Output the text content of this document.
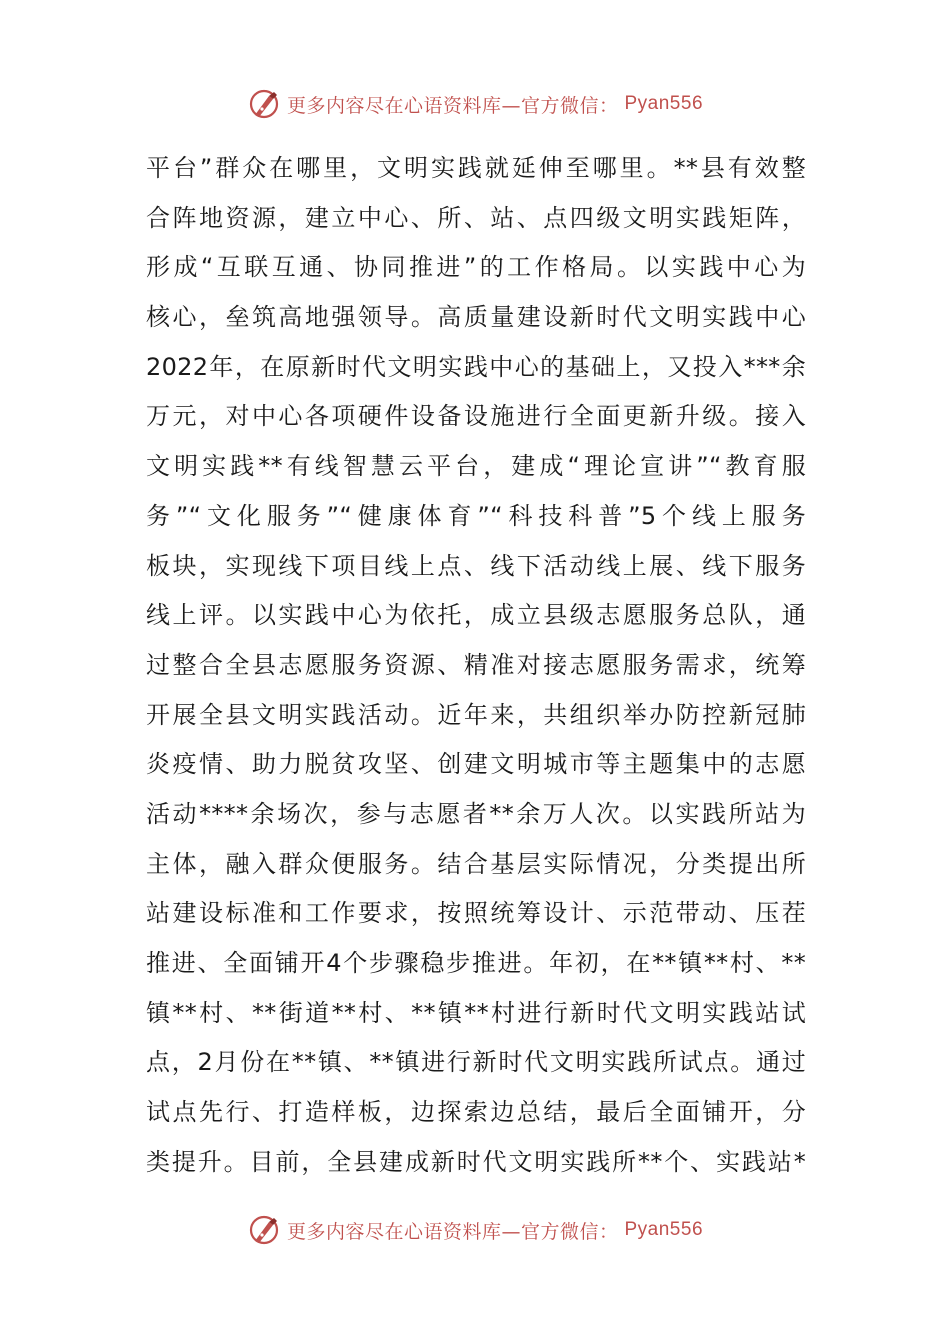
更多内容尽在心语资料库—官方微信： Pyan556
平台”群众在哪里，文明实践就延伸至哪里。**县有效整
合阵地资源，建立中心、所、站、点四级文明实践矩阵，
形成“互联互通、协同推进”的工作格局。以实践中心为
核心，垒筑高地强领导。高质量建设新时代文明实践中心
2022年，在原新时代文明实践中心的基础上，又投入***余
万元，对中心各项硬件设备设施进行全面更新升级。接入
文明实践**有线智慧云平台，建成“理论宣讲”“教育服
务”“文化服务”“健康体育”“科技科普”5个线上服务
板块，实现线下项目线上点、线下活动线上展、线下服务
线上评。以实践中心为依托，成立县级志愿服务总队，通
过整合全县志愿服务资源、精准对接志愿服务需求，统筹
开展全县文明实践活动。近年来，共组织举办防控新冠肺
炎疫情、助力脱贫攻坚、创建文明城市等主题集中的志愿
活动****余场次，参与志愿者**余万人次。以实践所站为
主体，融入群众便服务。结合基层实际情况，分类提出所
站建设标准和工作要求，按照统筹设计、示范带动、压茬
推进、全面铺开4个步骤稳步推进。年初，在**镇**村、**
镇**村、**街道**村、**镇**村进行新时代文明实践站试
点，2月份在**镇、**镇进行新时代文明实践所试点。通过
试点先行、打造样板，边探索边总结，最后全面铺开，分
类提升。目前，全县建成新时代文明实践所**个、实践站*
更多内容尽在心语资料库—官方微信： Pyan556
